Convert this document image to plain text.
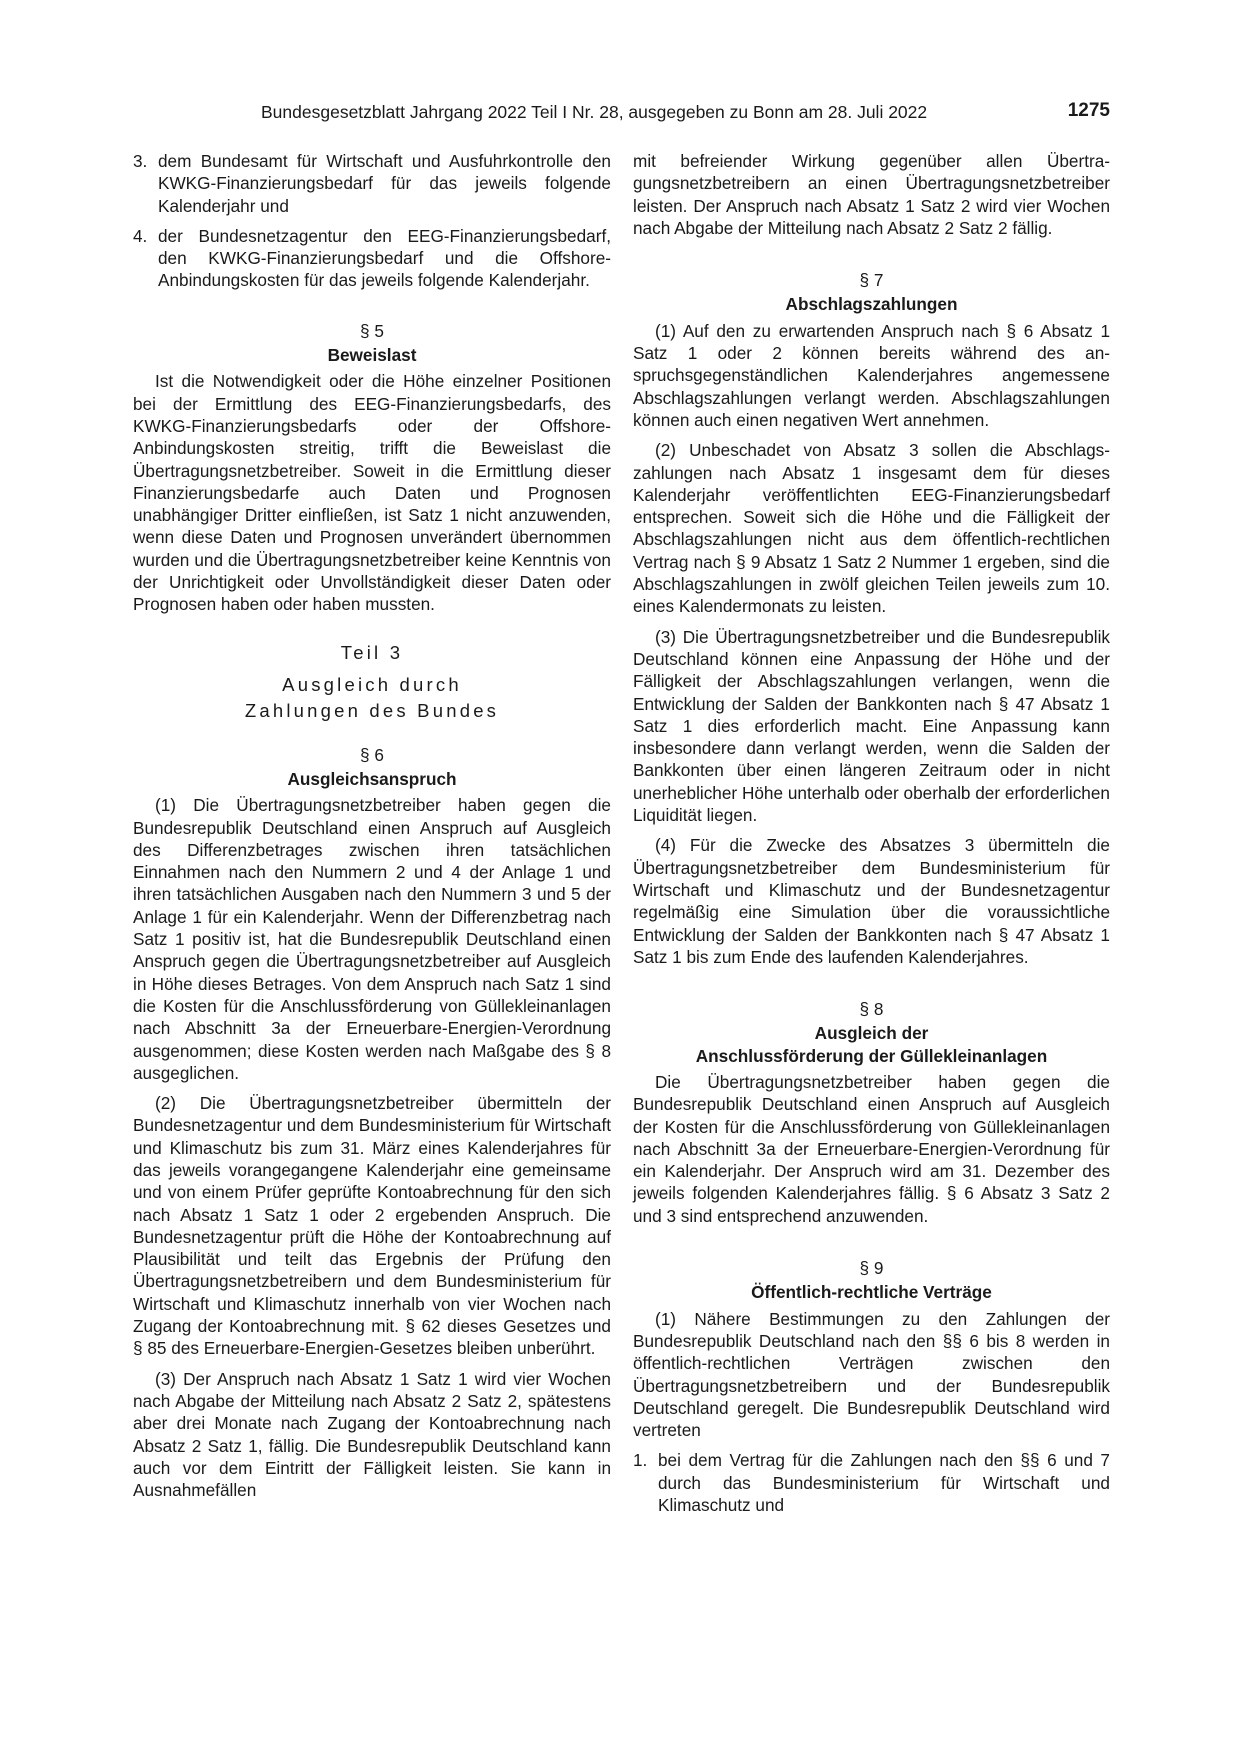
Bundesgesetzblatt Jahrgang 2022 Teil I Nr. 28, ausgegeben zu Bonn am 28. Juli 2022	1275
3. dem Bundesamt für Wirtschaft und Ausfuhrkontrolle den KWKG-Finanzierungsbedarf für das jeweils folgende Kalenderjahr und
4. der Bundesnetzagentur den EEG-Finanzierungsbedarf, den KWKG-Finanzierungsbedarf und die Offshore-Anbindungskosten für das jeweils folgende Kalenderjahr.
§ 5
Beweislast

Ist die Notwendigkeit oder die Höhe einzelner Positionen bei der Ermittlung des EEG-Finanzierungsbedarfs, des KWKG-Finanzierungsbedarfs oder der Offshore-Anbindungskosten streitig, trifft die Beweislast die Übertragungsnetzbetreiber. Soweit in die Ermittlung dieser Finanzierungsbedarfe auch Daten und Prognosen unabhängiger Dritter einfließen, ist Satz 1 nicht anzuwenden, wenn diese Daten und Prognosen unverändert übernommen wurden und die Übertragungsnetzbetreiber keine Kenntnis von der Unrichtigkeit oder Unvollständigkeit dieser Daten oder Prognosen haben oder haben mussten.

Teil 3
Ausgleich durch
Zahlungen des Bundes
§ 6
Ausgleichsanspruch

(1) Die Übertragungsnetzbetreiber haben gegen die Bundesrepublik Deutschland einen Anspruch auf Ausgleich des Differenzbetrages zwischen ihren tatsächlichen Einnahmen nach den Nummern 2 und 4 der Anlage 1 und ihren tatsächlichen Ausgaben nach den Nummern 3 und 5 der Anlage 1 für ein Kalenderjahr. Wenn der Differenzbetrag nach Satz 1 positiv ist, hat die Bundesrepublik Deutschland einen Anspruch gegen die Übertragungsnetzbetreiber auf Ausgleich in Höhe dieses Betrages. Von dem Anspruch nach Satz 1 sind die Kosten für die Anschlussförderung von Güllekleinanlagen nach Abschnitt 3a der Erneuerbare-Energien-Verordnung ausgenommen; diese Kosten werden nach Maßgabe des § 8 ausgeglichen.

(2) Die Übertragungsnetzbetreiber übermitteln der Bundesnetzagentur und dem Bundesministerium für Wirtschaft und Klimaschutz bis zum 31. März eines Kalenderjahres für das jeweils vorangegangene Kalenderjahr eine gemeinsame und von einem Prüfer geprüfte Kontoabrechnung für den sich nach Absatz 1 Satz 1 oder 2 ergebenden Anspruch. Die Bundesnetzagentur prüft die Höhe der Kontoabrechnung auf Plausibilität und teilt das Ergebnis der Prüfung den Übertragungsnetzbetreibern und dem Bundesministerium für Wirtschaft und Klimaschutz innerhalb von vier Wochen nach Zugang der Kontoabrechnung mit. § 62 dieses Gesetzes und § 85 des Erneuerbare-Energien-Gesetzes bleiben unberührt.

(3) Der Anspruch nach Absatz 1 Satz 1 wird vier Wochen nach Abgabe der Mitteilung nach Absatz 2 Satz 2, spätestens aber drei Monate nach Zugang der Kontoabrechnung nach Absatz 2 Satz 1, fällig. Die Bundesrepublik Deutschland kann auch vor dem Eintritt der Fälligkeit leisten. Sie kann in Ausnahmefällen

mit befreiender Wirkung gegenüber allen Übertragungsnetzbetreibern an einen Übertragungsnetzbetreiber leisten. Der Anspruch nach Absatz 1 Satz 2 wird vier Wochen nach Abgabe der Mitteilung nach Absatz 2 Satz 2 fällig.

§ 7
Abschlagszahlungen

(1) Auf den zu erwartenden Anspruch nach § 6 Absatz 1 Satz 1 oder 2 können bereits während des anspruchsgegenständlichen Kalenderjahres angemessene Abschlagszahlungen verlangt werden. Abschlagszahlungen können auch einen negativen Wert annehmen.

(2) Unbeschadet von Absatz 3 sollen die Abschlagszahlungen nach Absatz 1 insgesamt dem für dieses Kalenderjahr veröffentlichten EEG-Finanzierungsbedarf entsprechen. Soweit sich die Höhe und die Fälligkeit der Abschlagszahlungen nicht aus dem öffentlich-rechtlichen Vertrag nach § 9 Absatz 1 Satz 2 Nummer 1 ergeben, sind die Abschlagszahlungen in zwölf gleichen Teilen jeweils zum 10. eines Kalendermonats zu leisten.

(3) Die Übertragungsnetzbetreiber und die Bundesrepublik Deutschland können eine Anpassung der Höhe und der Fälligkeit der Abschlagszahlungen verlangen, wenn die Entwicklung der Salden der Bankkonten nach § 47 Absatz 1 Satz 1 dies erforderlich macht. Eine Anpassung kann insbesondere dann verlangt werden, wenn die Salden der Bankkonten über einen längeren Zeitraum oder in nicht unerheblicher Höhe unterhalb oder oberhalb der erforderlichen Liquidität liegen.

(4) Für die Zwecke des Absatzes 3 übermitteln die Übertragungsnetzbetreiber dem Bundesministerium für Wirtschaft und Klimaschutz und der Bundesnetzagentur regelmäßig eine Simulation über die voraussichtliche Entwicklung der Salden der Bankkonten nach § 47 Absatz 1 Satz 1 bis zum Ende des laufenden Kalenderjahres.

§ 8
Ausgleich der
Anschlussförderung der Güllekleinanlagen

Die Übertragungsnetzbetreiber haben gegen die Bundesrepublik Deutschland einen Anspruch auf Ausgleich der Kosten für die Anschlussförderung von Güllekleinanlagen nach Abschnitt 3a der Erneuerbare-Energien-Verordnung für ein Kalenderjahr. Der Anspruch wird am 31. Dezember des jeweils folgenden Kalenderjahres fällig. § 6 Absatz 3 Satz 2 und 3 sind entsprechend anzuwenden.

§ 9
Öffentlich-rechtliche Verträge

(1) Nähere Bestimmungen zu den Zahlungen der Bundesrepublik Deutschland nach den §§ 6 bis 8 werden in öffentlich-rechtlichen Verträgen zwischen den Übertragungsnetzbetreibern und der Bundesrepublik Deutschland geregelt. Die Bundesrepublik Deutschland wird vertreten

1. bei dem Vertrag für die Zahlungen nach den §§ 6 und 7 durch das Bundesministerium für Wirtschaft und Klimaschutz und
